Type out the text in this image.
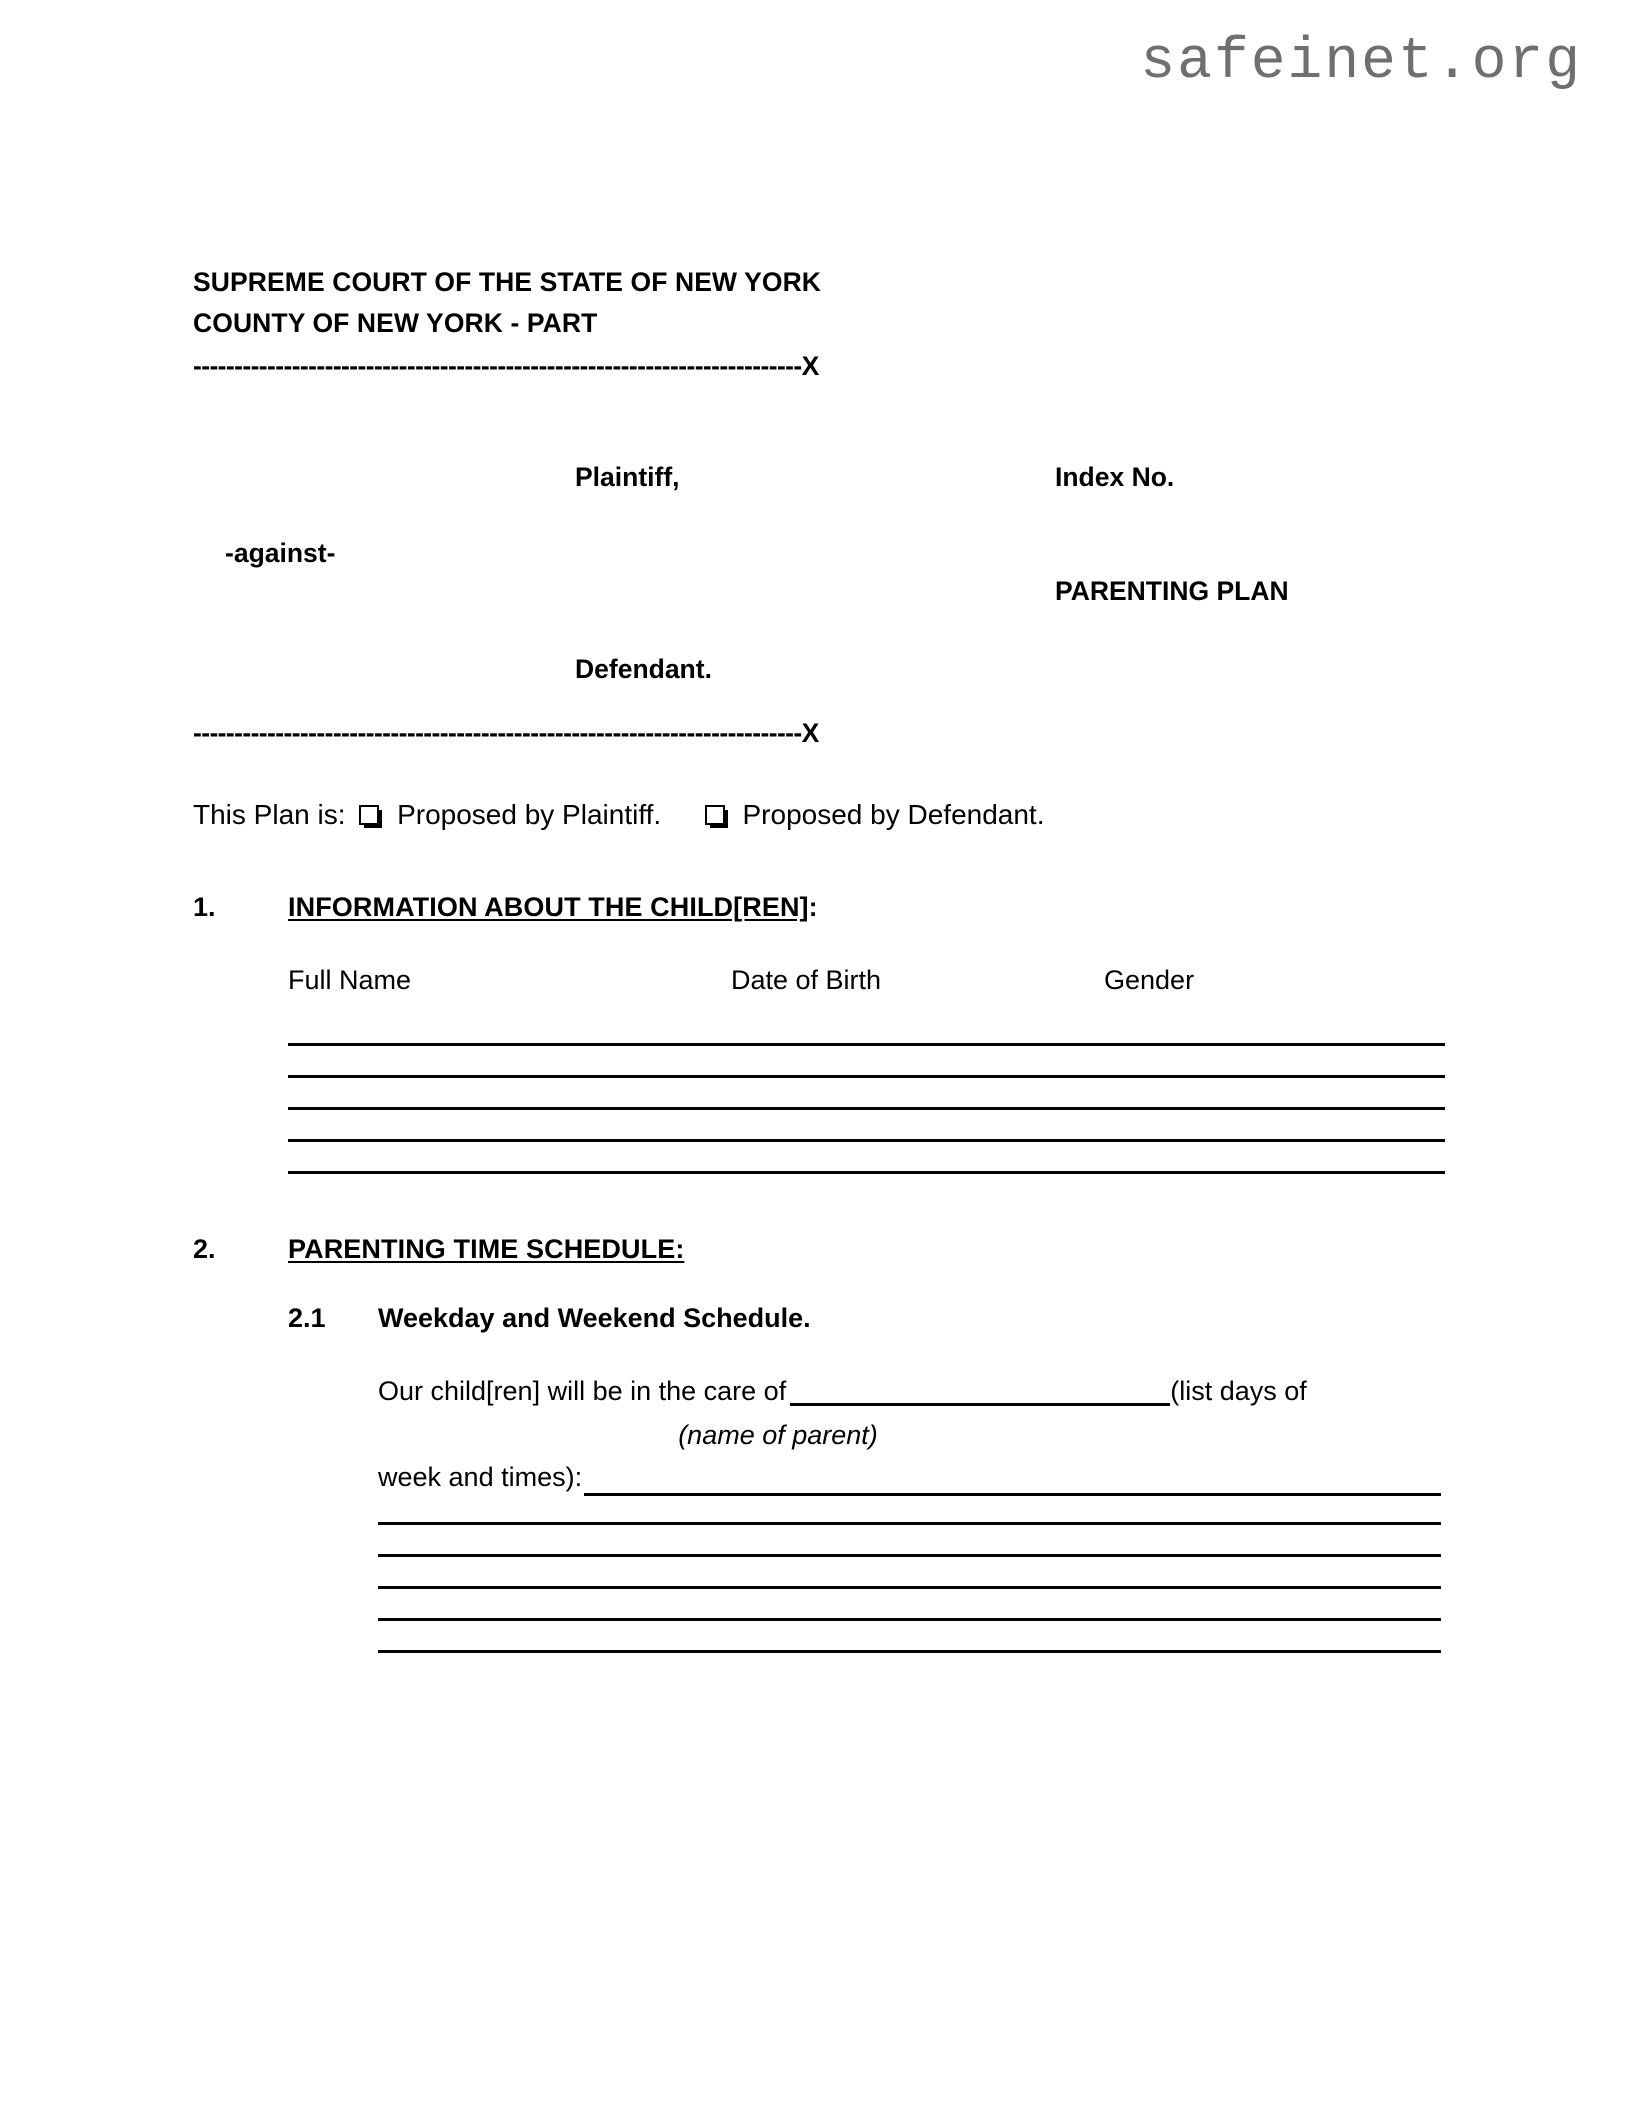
safeinet.org
SUPREME COURT OF THE STATE OF NEW YORK
COUNTY OF NEW YORK - PART
--------------------------------------------------------------------------X
Plaintiff,
-against-
Defendant.
Index No.
PARENTING PLAN
--------------------------------------------------------------------------X
This Plan is: Proposed by Plaintiff.	Proposed by Defendant.
1.	INFORMATION ABOUT THE CHILD[REN]:
Full Name	Date of Birth	Gender
2.	PARENTING TIME SCHEDULE:
2.1 Weekday and Weekend Schedule.
Our child[ren] will be in the care of	(list days of
(name of parent)
week and times):
